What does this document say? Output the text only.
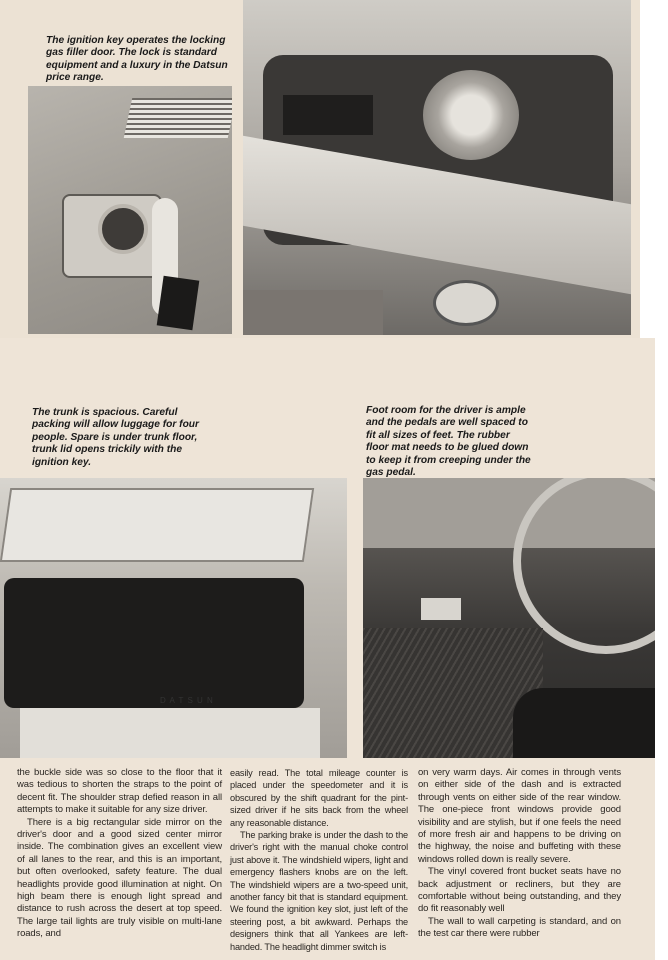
The ignition key operates the locking gas filler door. The lock is standard equipment and a luxury in the Datsun price range.
The trunk is spacious. Careful packing will allow luggage for four people. Spare is under trunk floor, trunk lid opens trickily with the ignition key.
Foot room for the driver is ample and the pedals are well spaced to fit all sizes of feet. The rubber floor mat needs to be glued down to keep it from creeping under the gas pedal.
D A T S U N

the buckle side was so close to the floor that it was tedious to shorten the straps to the point of decent fit. The shoulder strap defied reason in all attempts to make it suitable for any size driver.

There is a big rectangular side mirror on the driver's door and a good sized center mirror inside. The combination gives an excellent view of all lanes to the rear, and this is an important, but often overlooked, safety feature. The dual headlights provide good illumination at night. On high beam there is enough light spread and distance to rush across the desert at top speed. The large tail lights are truly visible on multi-lane roads, and

easily read. The total mileage counter is placed under the speedometer and it is obscured by the shift quadrant for the pint-sized driver if he sits back from the wheel any reasonable distance.

The parking brake is under the dash to the driver's right with the manual choke control just above it. The windshield wipers, light and emergency flashers knobs are on the left. The windshield wipers are a two-speed unit, another fancy bit that is standard equipment. We found the ignition key slot, just left of the steering post, a bit awkward. Perhaps the designers think that all Yankees are left-handed. The headlight dimmer switch is

on very warm days. Air comes in through vents on either side of the dash and is extracted through vents on either side of the rear window. The one-piece front windows provide good visibility and are stylish, but if one feels the need of more fresh air and happens to be driving on the highway, the noise and buffeting with these windows rolled down is really severe.

The vinyl covered front bucket seats have no back adjustment or recliners, but they are comfortable without being outstanding, and they do fit reasonably well

The wall to wall carpeting is standard, and on the test car there were rubber
